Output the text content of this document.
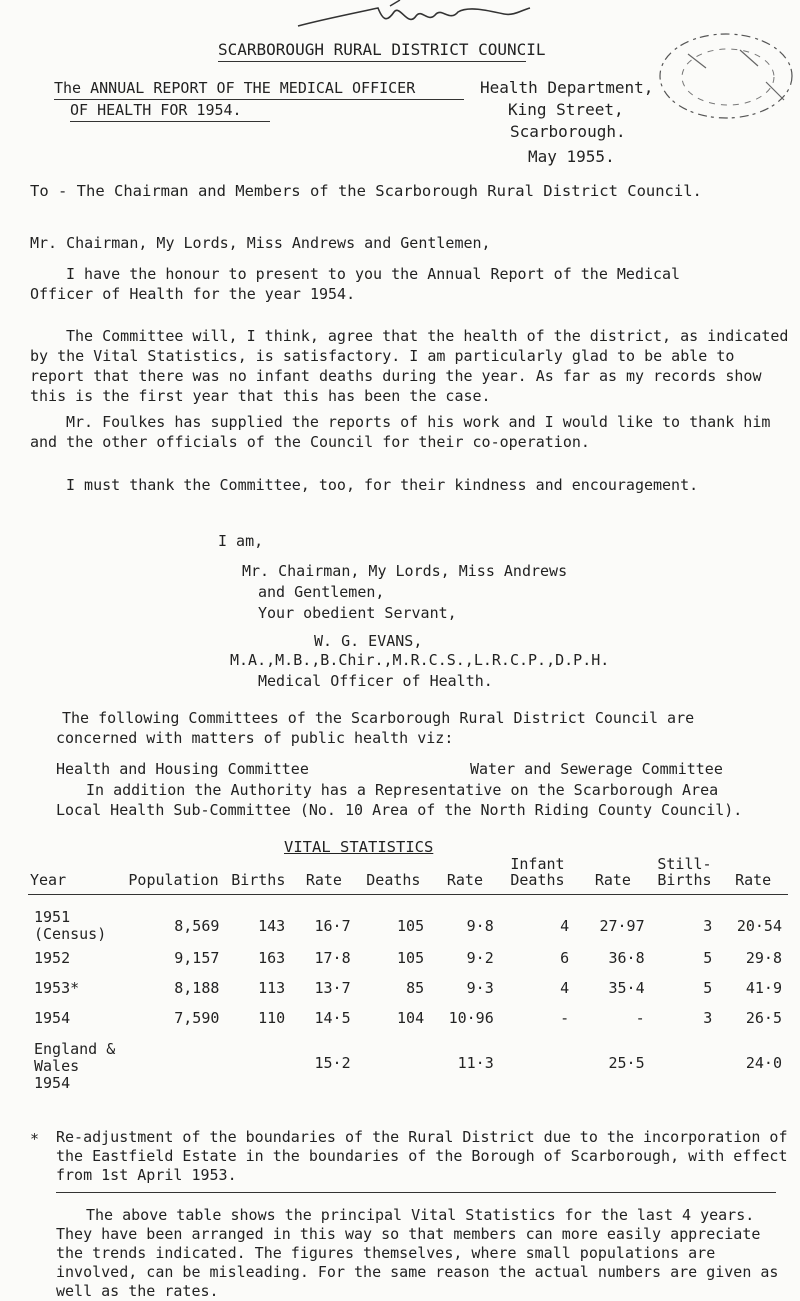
SCARBOROUGH RURAL DISTRICT COUNCIL
The ANNUAL REPORT OF THE MEDICAL OFFICER
OF HEALTH FOR 1954.
Health Department,
King Street,
Scarborough.
May 1955.
To - The Chairman and Members of the Scarborough Rural District Council.
Mr. Chairman, My Lords, Miss Andrews and Gentlemen,
I have the honour to present to you the Annual Report of the Medical Officer of Health for the year 1954.
The Committee will, I think, agree that the health of the district, as indicated by the Vital Statistics, is satisfactory. I am particularly glad to be able to report that there was no infant deaths during the year. As far as my records show this is the first year that this has been the case.
Mr. Foulkes has supplied the reports of his work and I would like to thank him and the other officials of the Council for their co-operation.
I must thank the Committee, too, for their kindness and encouragement.
I am,
Mr. Chairman, My Lords, Miss Andrews
and Gentlemen,
Your obedient Servant,
W. G. EVANS,
M.A.,M.B.,B.Chir.,M.R.C.S.,L.R.C.P.,D.P.H.
Medical Officer of Health.
The following Committees of the Scarborough Rural District Council are concerned with matters of public health viz:
Health and Housing Committee	Water and Sewerage Committee
In addition the Authority has a Representative on the Scarborough Area Local Health Sub-Committee (No. 10 Area of the North Riding County Council).
VITAL STATISTICS
Year	Population	Births	Rate	Deaths	Rate	Infant Deaths	Rate	Still-Births	Rate

1951 (Census)	8,569	143	16·7	105	9·8	4	27·97	3	20·54
1952	9,157	163	17·8	105	9·2	6	36·8	5	29·8
1953*	8,188	113	13·7	85	9·3	4	35·4	5	41·9
1954	7,590	110	14·5	104	10·96	-	-	3	26·5
England & Wales 1954			15·2		11·3		25·5		24·0
* Re-adjustment of the boundaries of the Rural District due to the incorporation of the Eastfield Estate in the boundaries of the Borough of Scarborough, with effect from 1st April 1953.
The above table shows the principal Vital Statistics for the last 4 years. They have been arranged in this way so that members can more easily appreciate the trends indicated. The figures themselves, where small populations are involved, can be misleading. For the same reason the actual numbers are given as well as the rates.
